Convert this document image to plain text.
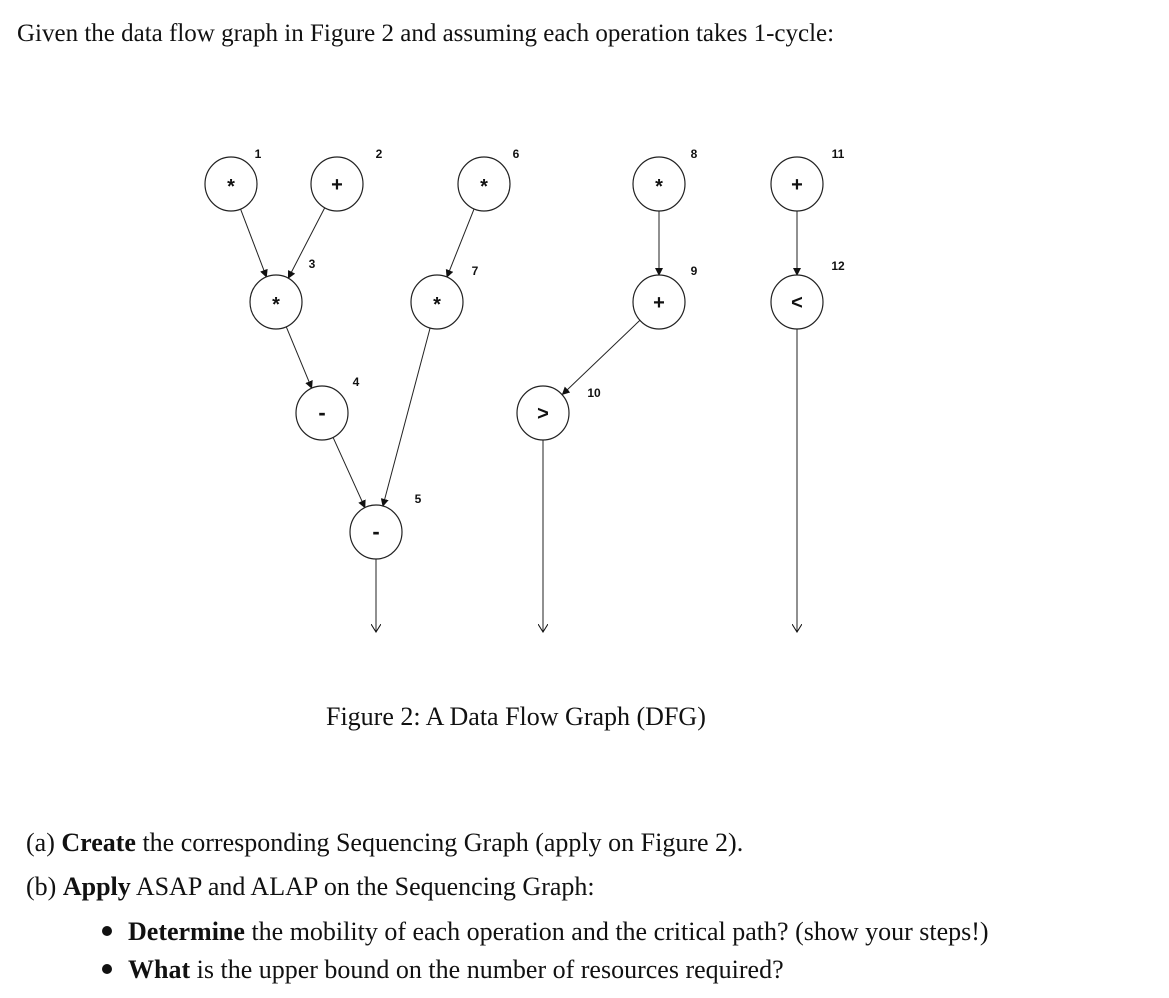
Given the data flow graph in Figure 2 and assuming each operation takes 1-cycle:
*
1
+
2
*
3
-
4
-
5
*
6
*
7
*
8
+
9
>
10
+
11
<
12
Figure 2: A Data Flow Graph (DFG)
(a) Create the corresponding Sequencing Graph (apply on Figure 2).
(b) Apply ASAP and ALAP on the Sequencing Graph:
Determine the mobility of each operation and the critical path? (show your steps!)
What is the upper bound on the number of resources required?
